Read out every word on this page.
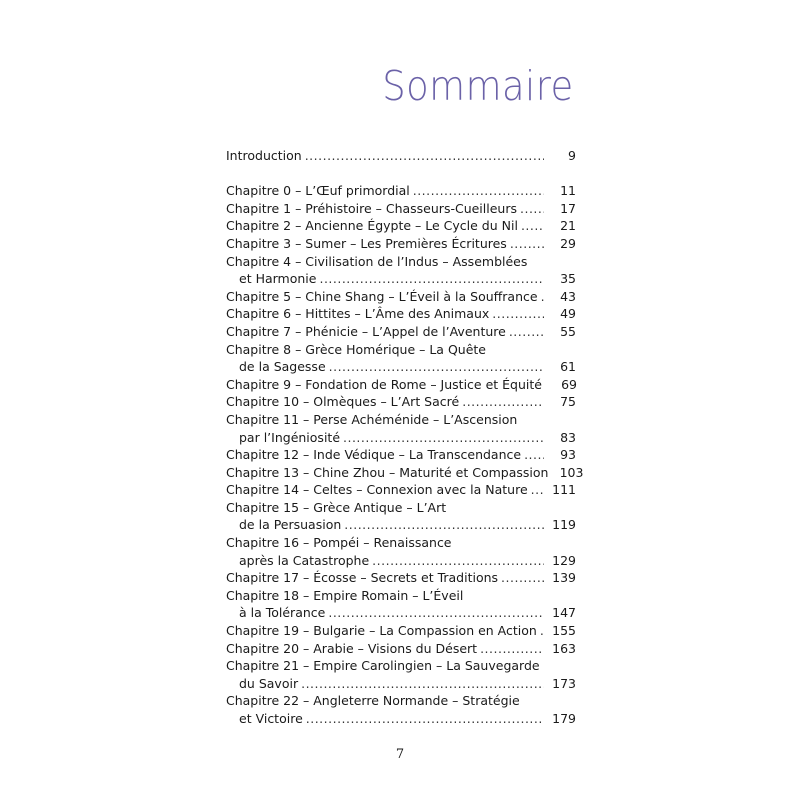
Sommaire
Introduction .....	9
Chapitre 0 – L’Œuf primordial .....	11
Chapitre 1 – Préhistoire – Chasseurs-Cueilleurs .....	17
Chapitre 2 – Ancienne Égypte – Le Cycle du Nil .....	21
Chapitre 3 – Sumer – Les Premières Écritures .....	29
Chapitre 4 – Civilisation de l’Indus – Assemblées
et Harmonie .....	35
Chapitre 5 – Chine Shang – L’Éveil à la Souffrance .....	43
Chapitre 6 – Hittites – L’Âme des Animaux .....	49
Chapitre 7 – Phénicie – L’Appel de l’Aventure .....	55
Chapitre 8 – Grèce Homérique – La Quête
de la Sagesse .....	61
Chapitre 9 – Fondation de Rome – Justice et Équité	69
Chapitre 10 – Olmèques – L’Art Sacré .....	75
Chapitre 11 – Perse Achéménide – L’Ascension
par l’Ingéniosité .....	83
Chapitre 12 – Inde Védique – La Transcendance .....	93
Chapitre 13 – Chine Zhou – Maturité et Compassion 103
Chapitre 14 – Celtes – Connexion avec la Nature .....	111
Chapitre 15 – Grèce Antique – L’Art
de la Persuasion .....	119
Chapitre 16 – Pompéi – Renaissance
après la Catastrophe .....	129
Chapitre 17 – Écosse – Secrets et Traditions .....	139
Chapitre 18 – Empire Romain – L’Éveil
à la Tolérance .....	147
Chapitre 19 – Bulgarie – La Compassion en Action .....	155
Chapitre 20 – Arabie – Visions du Désert .....	163
Chapitre 21 – Empire Carolingien – La Sauvegarde
du Savoir .....	173
Chapitre 22 – Angleterre Normande – Stratégie
et Victoire .....	179
7
